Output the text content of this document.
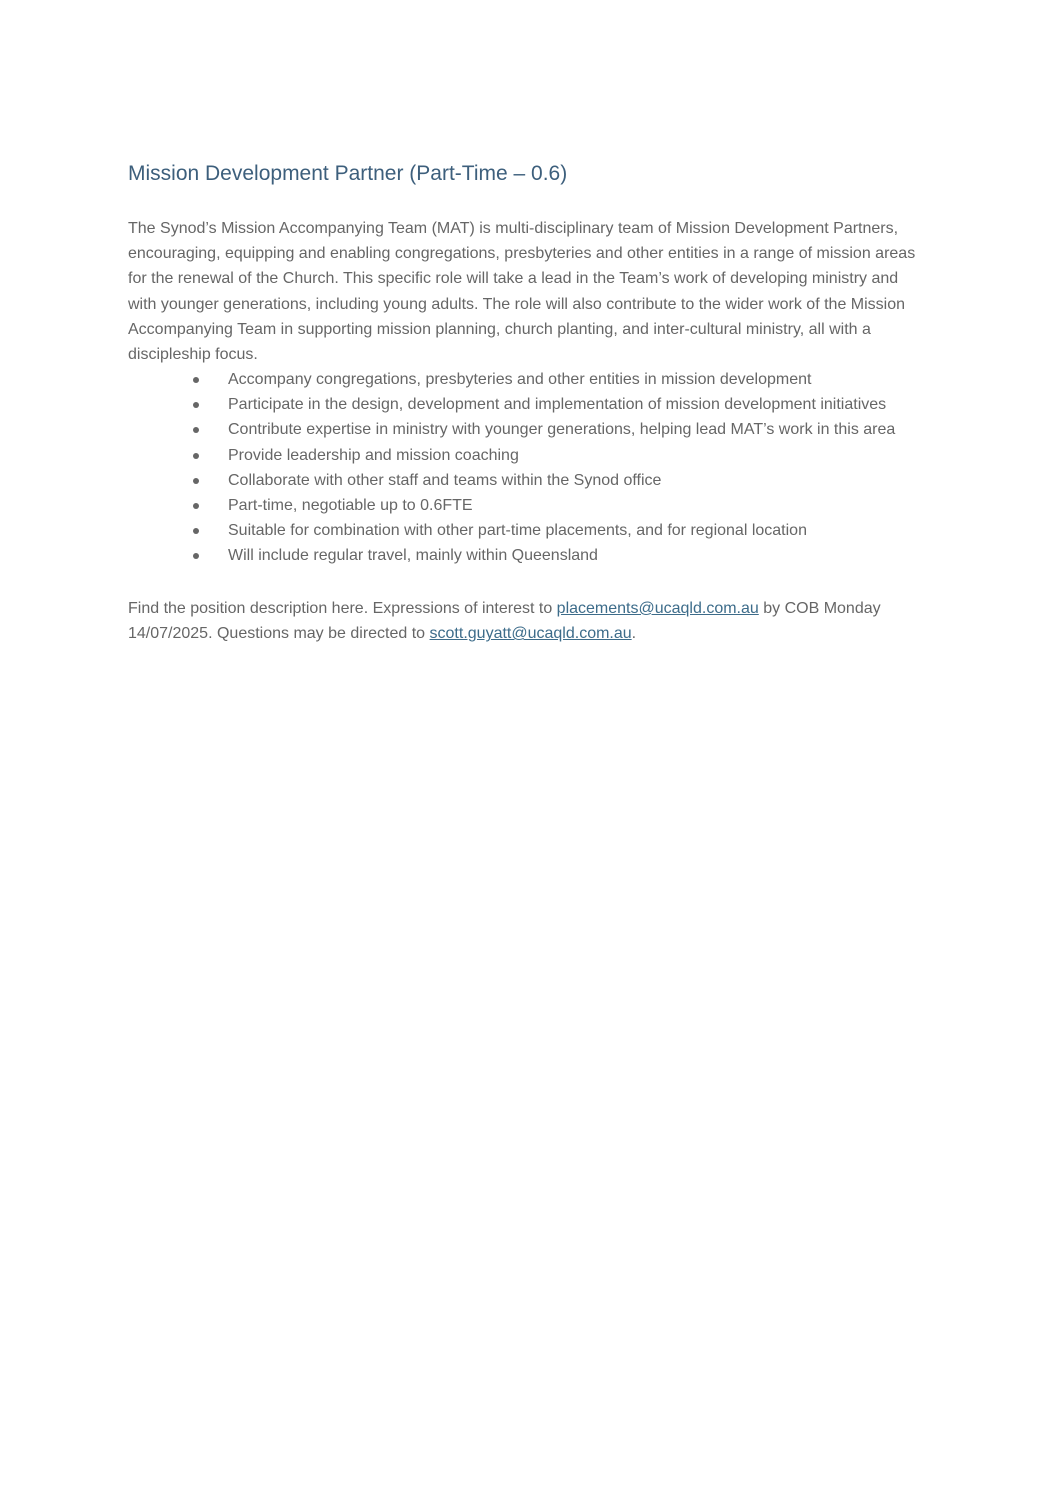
Mission Development Partner (Part-Time – 0.6)

The Synod’s Mission Accompanying Team (MAT) is multi-disciplinary team of Mission Development Partners, encouraging, equipping and enabling congregations, presbyteries and other entities in a range of mission areas for the renewal of the Church. This specific role will take a lead in the Team’s work of developing ministry and with younger generations, including young adults. The role will also contribute to the wider work of the Mission Accompanying Team in supporting mission planning, church planting, and inter-cultural ministry, all with a discipleship focus.

Accompany congregations, presbyteries and other entities in mission development
Participate in the design, development and implementation of mission development initiatives
Contribute expertise in ministry with younger generations, helping lead MAT’s work in this area
Provide leadership and mission coaching
Collaborate with other staff and teams within the Synod office
Part-time, negotiable up to 0.6FTE
Suitable for combination with other part-time placements, and for regional location
Will include regular travel, mainly within Queensland

Find the position description here. Expressions of interest to placements@ucaqld.com.au by COB Monday 14/07/2025. Questions may be directed to scott.guyatt@ucaqld.com.au.
